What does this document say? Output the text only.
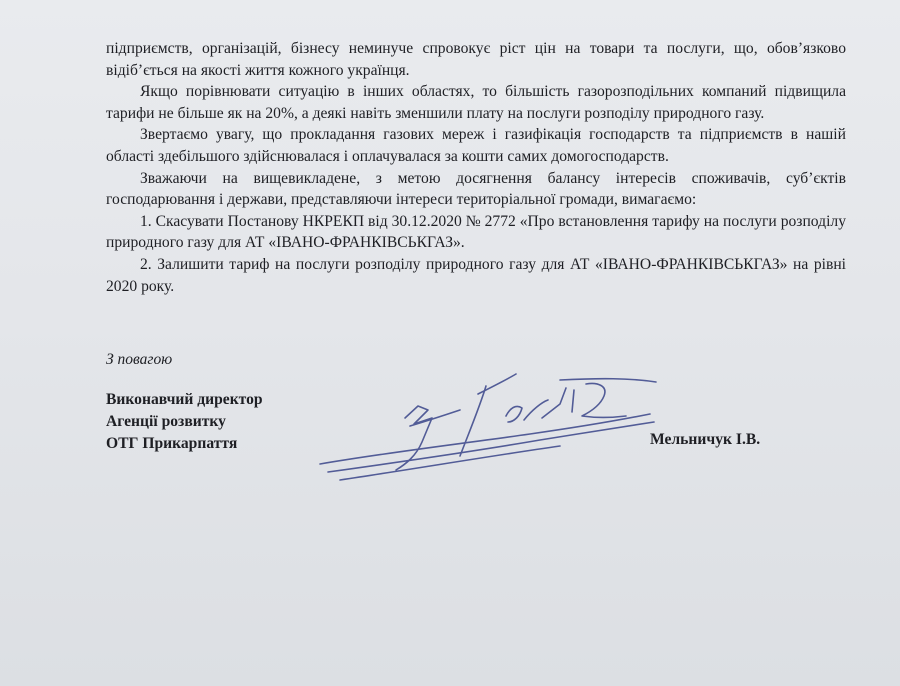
підприємств, організацій, бізнесу неминуче спровокує ріст цін на товари та послуги, що, обов’язково відіб’ється на якості життя кожного українця.

Якщо порівнювати ситуацію в інших областях, то більшість газорозподільних компаний підвищила тарифи не більше як на 20%, а деякі навіть зменшили плату на послуги розподілу природного газу.

Звертаємо увагу, що прокладання газових мереж і газифікація господарств та підприємств в нашій області здебільшого здійснювалася і оплачувалася за кошти самих домогосподарств.

Зважаючи на вищевикладене, з метою досягнення балансу інтересів споживачів, суб’єктів господарювання і держави, представляючи інтереси територіальної громади, вимагаємо:

1. Скасувати Постанову НКРЕКП від 30.12.2020 № 2772 «Про встановлення тарифу на послуги розподілу природного газу для АТ «ІВАНО-ФРАНКІВСЬКГАЗ».

2. Залишити тариф на послуги розподілу природного газу для АТ «ІВАНО-ФРАНКІВСЬКГАЗ» на рівні 2020 року.

З повагою
Виконавчий директор
Агенції розвитку
ОТГ Прикарпаття	Мельничук І.В.
